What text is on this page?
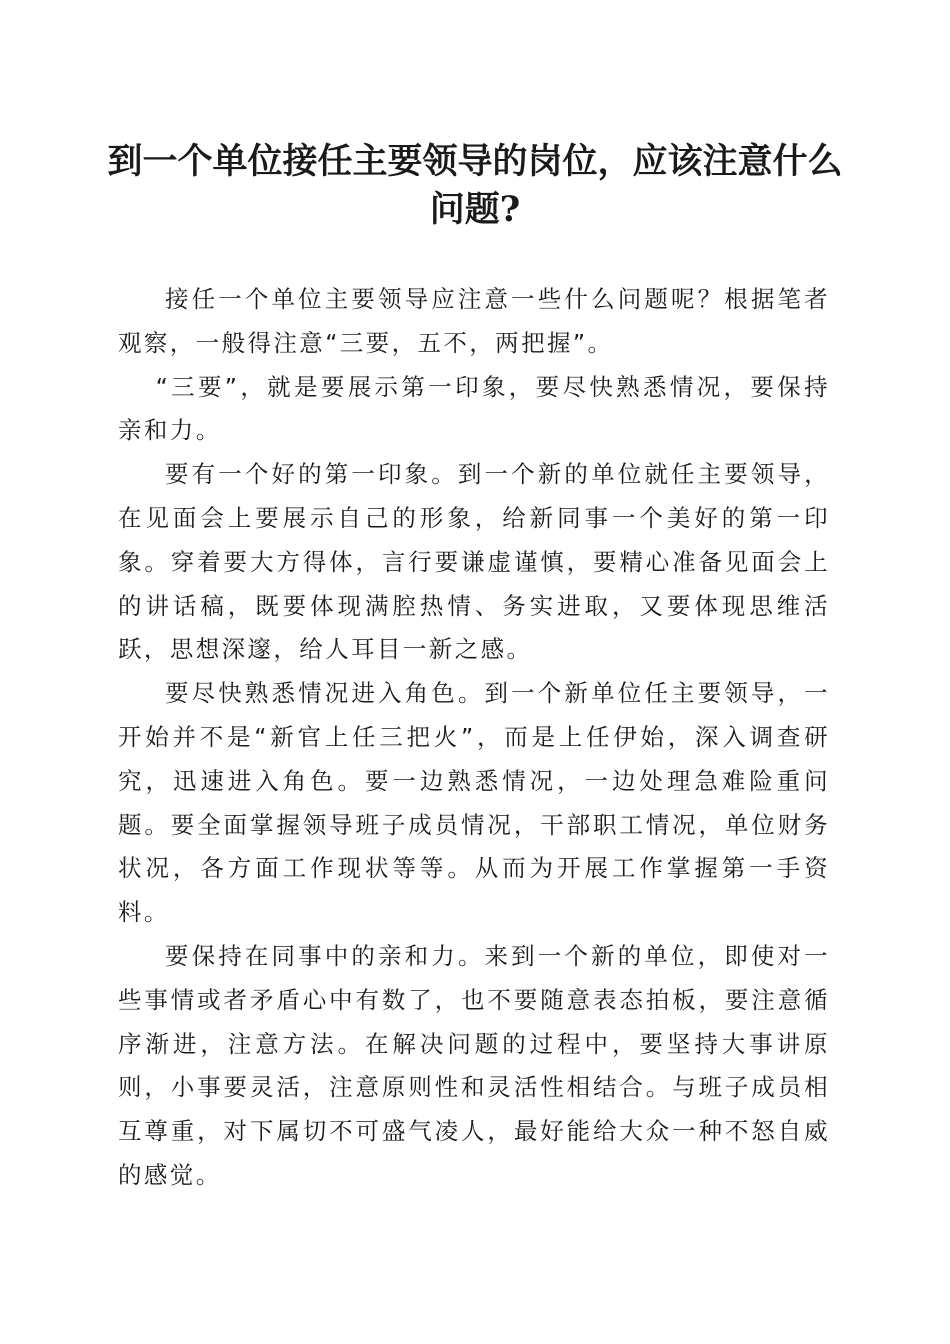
到一个单位接任主要领导的岗位，应该注意什么问题?

接任一个单位主要领导应注意一些什么问题呢？根据笔者观察，一般得注意“三要，五不，两把握”。

“三要”，就是要展示第一印象，要尽快熟悉情况，要保持亲和力。

要有一个好的第一印象。到一个新的单位就任主要领导，在见面会上要展示自己的形象，给新同事一个美好的第一印象。穿着要大方得体，言行要谦虚谨慎，要精心准备见面会上的讲话稿，既要体现满腔热情、务实进取，又要体现思维活跃，思想深邃，给人耳目一新之感。

要尽快熟悉情况进入角色。到一个新单位任主要领导，一开始并不是“新官上任三把火”，而是上任伊始，深入调查研究，迅速进入角色。要一边熟悉情况，一边处理急难险重问题。要全面掌握领导班子成员情况，干部职工情况，单位财务状况，各方面工作现状等等。从而为开展工作掌握第一手资料。

要保持在同事中的亲和力。来到一个新的单位，即使对一些事情或者矛盾心中有数了，也不要随意表态拍板，要注意循序渐进，注意方法。在解决问题的过程中，要坚持大事讲原则，小事要灵活，注意原则性和灵活性相结合。与班子成员相互尊重，对下属切不可盛气凌人，最好能给大众一种不怒自威的感觉。
